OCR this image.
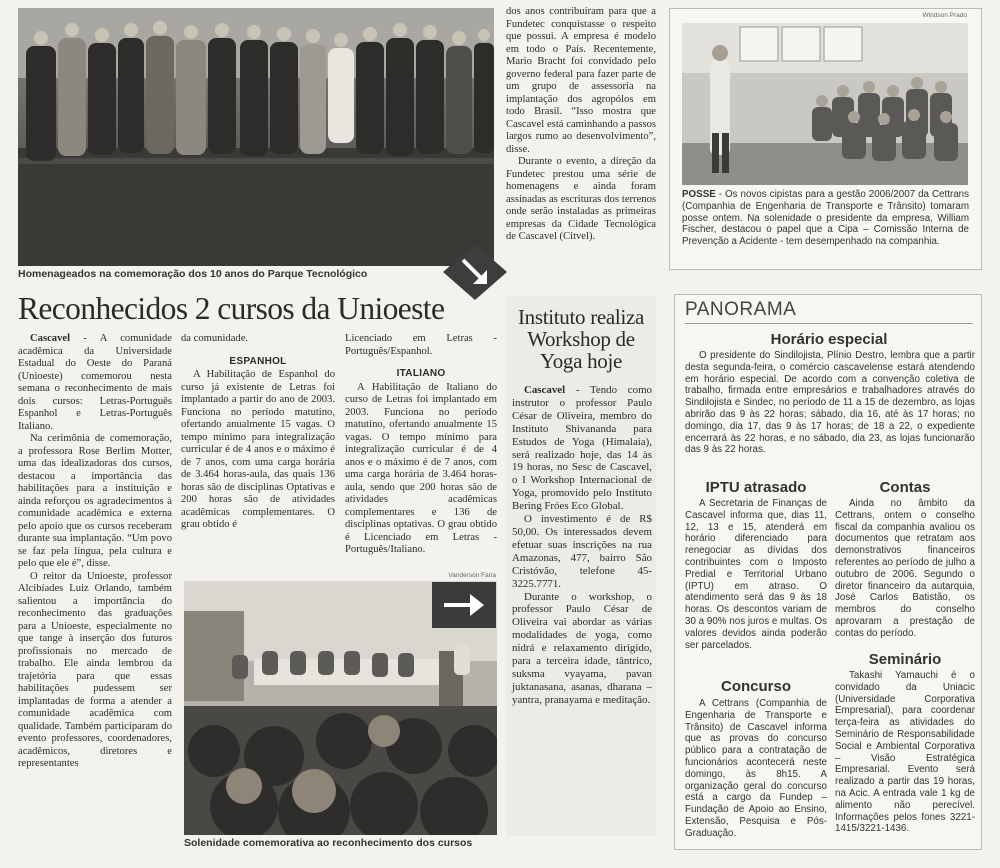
Homenageados na comemoração dos 10 anos do Parque Tecnológico

dos anos contribuíram para que a Fundetec conquistasse o respeito que possui. A empresa é modelo em todo o País. Recentemente, Mario Bracht foi convidado pelo governo federal para fazer parte de um grupo de assessoria na implantação dos agropólos em todo Brasil. “Isso mostra que Cascavel está caminhando a passos largos rumo ao desenvolvimento”, disse.

Durante o evento, a direção da Fundetec prestou uma série de homenagens e ainda foram assinadas as escrituras dos terrenos onde serão instaladas as primeiras empresas da Cidade Tecnológica de Cascavel (Citvel).

Windson Prado
POSSE - Os novos cipistas para a gestão 2006/2007 da Cettrans (Companhia de Engenharia de Transporte e Trânsito) tomaram posse ontem. Na solenidade o presidente da empresa, William Fischer, destacou o papel que a Cipa – Comissão Interna de Prevenção a Acidente - tem desempenhado na companhia.
Reconhecidos 2 cursos da Unioeste

Cascavel - A comunidade acadêmica da Universidade Estadual do Oeste do Paraná (Unioeste) comemorou nesta semana o reconhecimento de mais dois cursos: Letras-Português Espanhol e Letras-Português Italiano.

Na cerimônia de comemoração, a professora Rose Berlim Motter, uma das idealizadoras dos cursos, destacou a importância das habilitações para a instituição e ainda reforçou os agradecimentos à comunidade acadêmica e externa pelo apoio que os cursos receberam durante sua implantação. “Um povo se faz pela língua, pela cultura e pelo que ele é”, disse.

O reitor da Unioeste, professor Alcibíades Luiz Orlando, também salientou a importância do reconhecimento das graduações para a Unioeste, especialmente no que tange à inserção dos futuros profissionais no mercado de trabalho. Ele ainda lembrou da trajetória para que essas habilitações pudessem ser implantadas de forma a atender a comunidade acadêmica com qualidade. Também participaram do evento professores, coordenadores, acadêmicos, diretores e representantes

da comunidade.

ESPANHOL

A Habilitação de Espanhol do curso já existente de Letras foi implantado a partir do ano de 2003. Funciona no período matutino, ofertando anualmente 15 vagas. O tempo mínimo para integralização curricular é de 4 anos e o máximo é de 7 anos, com uma carga horária de 3.464 horas-aula, das quais 136 horas são de disciplinas Optativas e 200 horas são de atividades acadêmicas complementares. O grau obtido é

Licenciado em Letras - Português/Espanhol.

ITALIANO

A Habilitação de Italiano do curso de Letras foi implantado em 2003. Funciona no período matutino, ofertando anualmente 15 vagas. O tempo mínimo para integralização curricular é de 4 anos e o máximo é de 7 anos, com uma carga horária de 3.464 horas-aula, sendo que 200 horas são de atividades acadêmicas complementares e 136 de disciplinas optativas. O grau obtido é Licenciado em Letras - Português/Italiano.

Vanderson Faria
Solenidade comemorativa ao reconhecimento dos cursos
Instituto realiza Workshop de Yoga hoje

Cascavel - Tendo como instrutor o professor Paulo César de Oliveira, membro do Instituto Shivananda para Estudos de Yoga (Himalaia), será realizado hoje, das 14 às 19 horas, no Sesc de Cascavel, o I Workshop Internacional de Yoga, promovido pelo Instituto Bering Fróes Eco Global.

O investimento é de R$ 50,00. Os interessados devem efetuar suas inscrições na rua Amazonas, 477, bairro São Cristóvão, telefone 45-3225.7771.

Durante o workshop, o professor Paulo César de Oliveira vai abordar as várias modalidades de yoga, como nidrá e relaxamento dirigido, para a terceira idade, tântrico, suksma vyayama, pavan juktanasana, asanas, dharana – yantra, pranayama e meditação.

PANORAMA
Horário especial
O presidente do Sindilojista, Plínio Destro, lembra que a partir desta segunda-feira, o comércio cascavelense estará atendendo em horário especial. De acordo com a convenção coletiva de trabalho, firmada entre empresários e trabalhadores através do Sindilojista e Sindec, no período de 11 a 15 de dezembro, as lojas abrirão das 9 às 22 horas; sábado, dia 16, até às 17 horas; no domingo, dia 17, das 9 às 17 horas; de 18 a 22, o expediente encerrará às 22 horas, e no sábado, dia 23, as lojas funcionarão das 9 às 22 horas.
IPTU atrasado
A Secretaria de Finanças de Cascavel informa que, dias 11, 12, 13 e 15, atenderá em horário diferenciado para renegociar as dívidas dos contribuintes com o Imposto Predial e Territorial Urbano (IPTU) em atraso. O atendimento será das 9 às 18 horas. Os descontos variam de 30 a 90% nos juros e multas. Os valores devidos ainda poderão ser parcelados.
Contas
Ainda no âmbito da Cettrans, ontem o conselho fiscal da companhia avaliou os documentos que retratam aos demonstrativos financeiros referentes ao período de julho a outubro de 2006. Segundo o diretor financeiro da autarquia, José Carlos Batistão, os membros do conselho aprovaram a prestação de contas do período.
Concurso
A Cettrans (Companhia de Engenharia de Transporte e Trânsito) de Cascavel informa que as provas do concurso público para a contratação de funcionários acontecerá neste domingo, às 8h15. A organização geral do concurso está a cargo da Fundep – Fundação de Apoio ao Ensino, Extensão, Pesquisa e Pós-Graduação.
Seminário
Takashi Yamauchi é o convidado da Uniacic (Universidade Corporativa Empresarial), para coordenar terça-feira as atividades do Seminário de Responsabilidade Social e Ambiental Corporativa – Visão Estratégica Empresarial. Evento será realizado a partir das 19 horas, na Acic. A entrada vale 1 kg de alimento não perecível. Informações pelos fones 3221-1415/3221-1436.
